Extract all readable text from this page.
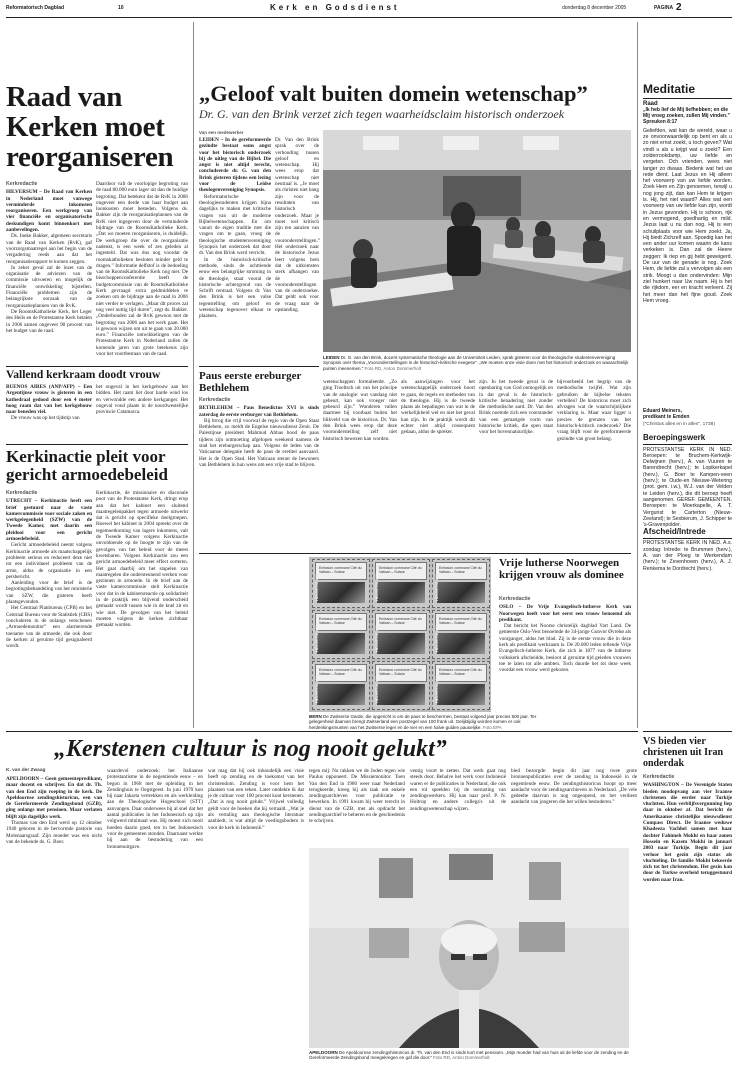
Reformatorisch Dagblad	10	Kerk en Godsdienst	donderdag 8 december 2005	PAGINA 2
Raad van Kerken moet reorganiseren
Kerkredactie

HILVERSUM – De Raad van Kerken in Nederland moet vanwege verminderde inkomsten reorganiseren. Een werkgroep van vier financiële en organisatorische deskundigen komt binnenkort met aanbevelingen.

Ds. Ineke Bakker, algemeen secretaris van de Raad van Kerken (RvK), gaf voorzorgsmaatregel aan het begin van de vergadering reeds aan dat het reorganisatierapport te komen zeggen.

In zeker geval zal de inzet van de organisatie de adviezen van de commissie uitvoeren en mogelijk de financiële ontwikkeling bijstellen. Financiële problemen zijn de belangrijkste oorzaak van de reorganisatieplannen van de RvK.

De RoomsKatholieke Kerk, het Leger des Heils en de Protestantse Kerk betalen in 2006 samen ongeveer 90 procent van het budget van de raad.

Daardoor valt de voorlopige begroting van de raad 80.000 euro lager uit dan de huidige begroting. Dat betekent dat de RvK in 2006 ongeveer een derde van haar budget aan loonkosten moet besteden. Volgens ds. Bakker zijn de reorganisatieplannen van de RvK niet ingegeven door de verminderde bijdrage van de RoomsKatholieke Kerk. „Dat we moeten reorganiseren, is duidelijk. De werkgroep die over de reorganisatie nadenkt, is een week of zes geleden al ingesteld. Dat was dus nog voordat de roomskatholieken besloten minder geld te dragen.” Informatie delfstof is de bedoeling van de RoomsKatholieke Kerk nog niet. De bisschoppenconferentie heeft de budgetcommissie van de RoomsKatholieke Kerk gevraagd extra geldmiddelen te zoeken om de bijdrage aan de raad in 2006 niet verder te verlagen. „Maar dit proces zal nog veel nuttig tijd duren”, zegt ds. Bakker. „Onderhouden zal de RvK gewoon met de begroting van 2006 aan het werk gaan. Het is gewoon wijzen om uit te gaan van 20.000 euro.” Financiële ontwikkelingen van de Protestantse Kerk in Nederland zullen de komende jaren van grote betekenis zijn voor het voortbestaan van de raad.

Vallend kerkraam doodt vrouw

BUENOS AIRES (ANP/AFP) – Een Argentijnse vrouw is gisteren in een kathedraal gedood door een 4 meter hoog raam dat van het kerkgebouw naar beneden viel.

De vrouw was op het tijdstip van

het ongeval in het kerkgebouw aan het bidden. Het raam liet door harde wind los en verwondde een andere kerkganger. Het ongeval vond plaats in de noordwestelijke provincie Catamarca.

Kerkinactie pleit voor gericht armoedebeleid
Kerkredactie

UTRECHT – Kerkinactie heeft een brief gestuurd naar de vaste kamercommissie voor sociale zaken en werkgelegenheid (SZW) van de Tweede Kamer, met daarin een pleidooi voor een gericht armoedebeleid.

Gericht armoedebeleid neemt volgens Kerkinactie armoede als maatschappelijk probleem serieus en reduceert deze niet tot een individueel probleem van de arme, aldus de organisatie in een persbericht.

Aanleiding voor de brief is de begrotingsbehandeling van het ministerie van SZW, die gisteren heeft plaatsgevonden.

Het Centraal Planbureau (CPB) en het Centraal Bureau voor de Statistiek (CBS) concluderen in de onlangs verschenen „Armoedemonitor” een alarmerende toename van de armoede, die ook door de kerken al geruime tijd gesignaleerd wordt.

Kerkinactie, de missionaire en diaconale poot van de Protestantse Kerk, dringt erop aan dat het kabinet een sluitend maatregelenpakket tegen armoede uitwerkt dat is gericht op specifieke doelgroepen. Hoewel het kabinet in 2004 spreekt over de tegemoetkoming van lagere inkomens, valt de Tweede Kamer volgens Kerkinactie onvoldoende op de hoogte te zijn van de gevolgen van het beleid voor de meest kwetsbaren. Volgens Kerkinactie zou een gericht armoedebeleid meer effect sorteren. Het gaat daarbij om het stapelen van maatregelen die ondersteunend werken voor gezinnen in armoede. In de brief aan de vaste kamercommissie stelt Kerkinactie voor dat in de kabinetsreactie op solidariteit in de praktijk een blijvend onderscheid gemaakt wordt tussen wie in de knel zit en wie niet. De gevolgen van het beleid moeten volgens de kerken zichtbaar gemaakt worden.

„Geloof valt buiten domein wetenschap”
Dr. G. van den Brink verzet zich tegen waarheidsclaim historisch onderzoek
Van een medewerker

LEIDEN – In de gereformeerde gezindte bestaat soms angst voor het historisch onderzoek bij de uitleg van de Bijbel. Die angst is niet altijd terecht, concludeerde dr. G. van den Brink gisteren tijdens een lezing voor de Leidse theologenvereniging Synopsis.

Reformatorische theologiestudenten krijgen bijna dagelijks te maken met kritische vragen van uit de moderne Bijbelwetenschappen. En om vanuit de eigen traditie met die vragen om te gaan, vroeg de theologische studentenvereniging Synopsis het onderzoek dat door dr. Van den Brink werd verricht.

In de historisch-kritische methode, sinds de achttiende eeuw een belangrijke stroming in de theologie, staat vooral de historische achtergrond van de Schrift centraal. Volgens dr. Van den Brink is het een valse tegenstelling om geloof en wetenschap tegenover elkaar te plaatsen.

Dr. Van den Brink sprak over de verhouding tussen geloof en wetenschap. Hij wees erop dat wetenschap niet neutraal is. „Je moet als christen niet bang zijn voor de resultaten van historisch onderzoek. Maar je moet wel kritisch zijn ten aanzien van de vooronderstellingen.” Het onderzoek naar de historische Jezus leert volgens hem dat de uitkomsten sterk afhangen van de vooronderstellingen van de onderzoeker. Dat geldt ook voor de vraag naar de opstanding.

LEIDEN Dr. G. van den Brink, docent systematische theologie aan de Universiteit Leiden, sprak gisteren voor de theologische studentenvereniging Synopsis over thema „Vooronderstellingen in de historisch-kritische exegese”. „We moeten onze visie doen met het historisch onderzoek en waarachtelijk punten meenemen.” Foto RD, Anton Dommerholt

wetenschappen formuleerde. „Zo ging Troeltsch uit van het principe van de analogie: wat vandaag niet gebeurt, kan ook vroeger niet gebeurd zijn.” Wonderen vallen daarmee bij voorbaat buiten het blikveld van de historicus. Dr. Van den Brink wees erop dat deze vooronderstelling zelf niet historisch bewezen kan worden.

als aanwijzingen voor het wetenschappelijk onderzoek hoort te gaan, de regels en methoden van de theologie. Hij is de tweede plaats als bepalingen van wat in de werkelijkheid wel en niet het geval kan zijn. In de praktijk wordt dit echter niet altijd consequent gedaan, aldus de spreker.

zijn. In het tweede geval is de openbaring van God onmogelijk en in dat geval is de historisch-kritische benadering niet zonder die methodische aard. Dr. Van den Brink noemde zich een voorstander van een gematigde vorm van historische kritiek, die open staat voor het bovennatuurlijke.

bijvoorbeeld het begrip van de methodische twijfel. Wat zijn gebruiken de bijbelse teksten vertellen? De historicus moet zich afvragen wat de waarschijnlijkste verklaring is. Maar waar ligger u precies de grenzen van het historisch-kritisch onderzoek? Die vraag blijft voor de gereformeerde gezindte van groot belang.

Paus eerste ereburger Bethlehem
Kerkredactie

BETHLEHEM – Paus Benedictus XVI is sinds zaterdag de eerste ereburger van Bethlehem.

Bij brrog die vrijl voorwal de regio van de Open Staat Bethlehem, zo meldt de Engelse nieuwsdienst Zenit. De Palestijnse president Mahmud Abbas bood de paus tijdens zijn ontmoeting afgelopen weekend namens de stad het ereburgerschap aan. Volgens de leden van de Vaticaanse delegatie heeft de paus de eretitel aanvaard. Het is de Open Stad. Het Vaticaan steunt de bewoners van Bethlehem in hun wens om een vrije stad te blijven.

Emission commune Cité du Vatican – Suisse
HELVETIA 100
Emission commune Cité du Vatican – Suisse
HELVETIA 100
Emission commune Cité du Vatican – Suisse
HELVETIA 100
Emission commune Cité du Vatican – Suisse
HELVETIA 100
Emission commune Cité du Vatican – Suisse
HELVETIA 100
Emission commune Cité du Vatican – Suisse
HELVETIA 100
Emission commune Cité du Vatican – Suisse
HELVETIA 100
Emission commune Cité du Vatican – Suisse
HELVETIA 100
Emission commune Cité du Vatican – Suisse
HELVETIA 100
BERN De Zwitserse Garde, die opgericht is om de paus te beschermen, bestaat volgend jaar precies 500 jaar. Ter gelegenheid daarvan brengt Zwitserland een postzegel van 100 frank uit. Gelijktijdig worden komen er ook herdenkingsmunten van het Zwitserse leger en de vier en een halve gulden pauselijke. Foto EPA
Vrije lutherse Noorwegen krijgen vrouw als dominee
Kerkredactie

OSLO – De Vrije Evangelisch-lutherse Kerk van Noorwegen heeft voor het eerst een vrouw benoemd als predikant.

Dat bericht het Noorse christelijk dagblad Vart Land. De gemeente Oslo-Vest benoemde de 34-jarige Gunvor Øvrebø als voorganger, aldus het blad. Zij is de eerste vrouw die in deze kerk als predikant werkzaam is. De 20.000 leden tellende Vrije Evangelisch-lutherse Kerk, die zich in 1877 van de lutherse volkskerk afscheidde, besloot al geruime tijd geleden vrouwen toe te laten tot alle ambten. Toch duurde het tot deze week voordat een vrouw werd gekozen.

Meditatie
Raad
„Ik heb lief de Mij liefhebben; en die Mij vroeg zoeken, zullen Mij vinden.”
Spreuken 8:17

Geliefden, wat kan de wereld, waar u ze onvoorwaardelijk op bent en als u zo niet ernst zoekt, u toch geven? Wat vindt u als u krijgt wat u zoekt? Een zolderrookdamp, uw liefde en vergeten. Och vrienden, wees niet langer zo dwaas. Bedenk wat het uw rede dient. Laat Jezus en Hij alleen het voorwerp van uw liefde worden. Zoek Hem en Zijn genoemen, terwijl u nog jong zijt, dan kan Hem te krijgen is. Hij, het niet waard? Alles wat een voorwerp van uw liefde kan zijn, wordt in Jezus gevonden. Hij is schoon, rijk en vermogend, goedhartig en mild. Jezus laat u nu dan nog. Hij is een schuilplaats voor wie Hem zoekt. Ja, Hij biedt Zichzelf aan. Spoedig kan het een ander uur komen waarin de kans verkeken is. Dan zal de Heere zeggen: Ik riep en gij hebt geweigerd. De uur van de genade is nog. Zoek Hem, de liefde zal u vervolgen als een strik. Moogt u dan ondervinden: Mijn ziel hunkert naar Uw naam. Hij is het die rijkdom, eer en kracht verleent. Zij het meer dan het fijne goud. Zoek Hem vroeg.

Eduard Meiners,
predikant te Emden
("Christus alles en in allen", 1738)
Beroepingswerk

PROTESTANTSE KERK IN NED. Beroepen: te Bruchem-Kerkwijk-Delwijnen (herv.), A. van Vuuren te Barendrecht (herv.); te Lopikerkapel (herv.), G. Boer te Kampen-veen (herv.); te Oude-en Nieuwe-Wetering (prot. gem. i.w.), W.J. van der Velden te Leiden (herv.), die dit beroep heeft aangenomen. GEREF. GEMEENTEN. Beroepen: te Moerkapelle, A. T. Vergunst te Carterton (Nieuw-Zeeland); te Sexbierum, J. Schipper te 's-Gravenpolder.

Afscheid/Intrede

PROTESTANTSE KERK IN NED. A.s. zondag: Intrede: te Brummen (herv.), A. van der Ploeg te Werkendam (herv.); te Zevenhoven (herv.), A. J. Renkema te Dordrecht (herv.).

„Kerstenen cultuur is nog nooit gelukt”
K. van der Zwaag

APELDOORN – Geen gemeentepredikant, maar docent en schrijver. En dat dr. Th. van den End zijn roeping in de kerk. De Apeldoornse zendingshistoricus, een van de Gereformeerde Zendingsbond (GZB), ging onlangs met pensioen. Maar verlaten blijft zijn dagelijks werk.

Thomas van den End werd op 12 oktober 1940 geboren in de hervormde pastorie van Molenaarsgraaf. Zijn moeder was een nicht van de bekende ds. G. Boer.

waardevol onderzoek: het Italiaanse protestantisme in de negentiende eeuw – en begon in 1968 met de opleiding in het Zendinghuis te Oegstgeest. In juni 1970 kon hij naar Jakarta vertrekken en als werkleiding aan de Theologische Hogeschool (STT) aanvangen. Daar onderwees hij al snel dat het aantal publicaties in het Indonesisch op zijn volgwerd minimaal was. Hij moest zich nooit hoeden daarin goed, ten in het Indonesisch voor de gemeenten stonden. Daarnaast werkte hij aan de bestudering van een bronnenuitgave.

wat mag dat hij ook inhoudelijk een visie heeft op zending en de toekomst van het christendom. Zending is voor hem het plaatsen van een teken. Later ontdekte ik dat je de cultuur voor 100 procent kunt kerstenen. „Dat is nog nooit gelukt.” Vrijwel volledig geldt voor de boeken die hij vertaald. „Wat je als vertaling aan theologische literatuur aanbiedt, is wat altijd de voedingsbodem is voor de kerk in Indonesië.”

tegen mij: Nu rakken we de Joden tegen wie Paulus opponeert. De Missiemonitor. Toen Van den End in 1980 weer naar Nederland terugkeerde, kreeg hij als taak om enkele zendingsarchieven voor publicatie te bewerken. In 1991 kwam hij weer terecht in dienst van de GZB, met als opdracht het zendingsarchief te beheren en de geschiedenis te schrijven.

ventig voort te zetten. Dat werk gaat nog steeds door. Behalve het werk voor Indonesië waren er de publicaties in Nederland, die ook een rol speelden bij de toerusting van zendingswerkers. Hij kan naar prof. P. N. Holtrop en andere collega's uit de zendingswetenschap wijzen.

bied bezorgde: begin dit jaar nog twee grote bronnenpublicaties over de zending in Indonesië in de negentiende eeuw. De zendingshistoricus hoopt op meer aandacht voor de zendingsarchieven in Nederland. „De vele gedeelte daarvan is nog ongeopend, en het verdient aandacht van jongeren die het willen bestuderen.”

APELDOORN De Apeldoornse zendingshistoricus dr. Th. van den End is sinds kort met pensioen. „Mijn moeder had van huis uit de liefde voor de zending en de Gereformeerde Zendingsbond meegekregen en gaf die door.” Foto RD, Anton Dommerholt
VS bieden vier christenen uit Iran onderdak
Kerkredactie

WASHINGTON – De Verenigde Staten bieden noodopvang aan vier Iraanse christenen die eerder naar Turkije vluchtten. Hun verblijfsvergunning liep daar in oktober af. Dat bericht de Amerikaanse christelijke nieuwsdienst Compass Direct. De Iraanse weduwe Khadeeza Vachhel samen met haar dochter Fahimeh Mokhi en haar zonen Hossein en Kazem Mokhi in januari 2003 naar Turkije. Begin dit jaar verloor het gezin zijn status als vluchteling. De familie Mokhi bekeerde zich tot het christendom. Het gezin kan door de Turkse overheid teruggestuurd worden naar Iran.
